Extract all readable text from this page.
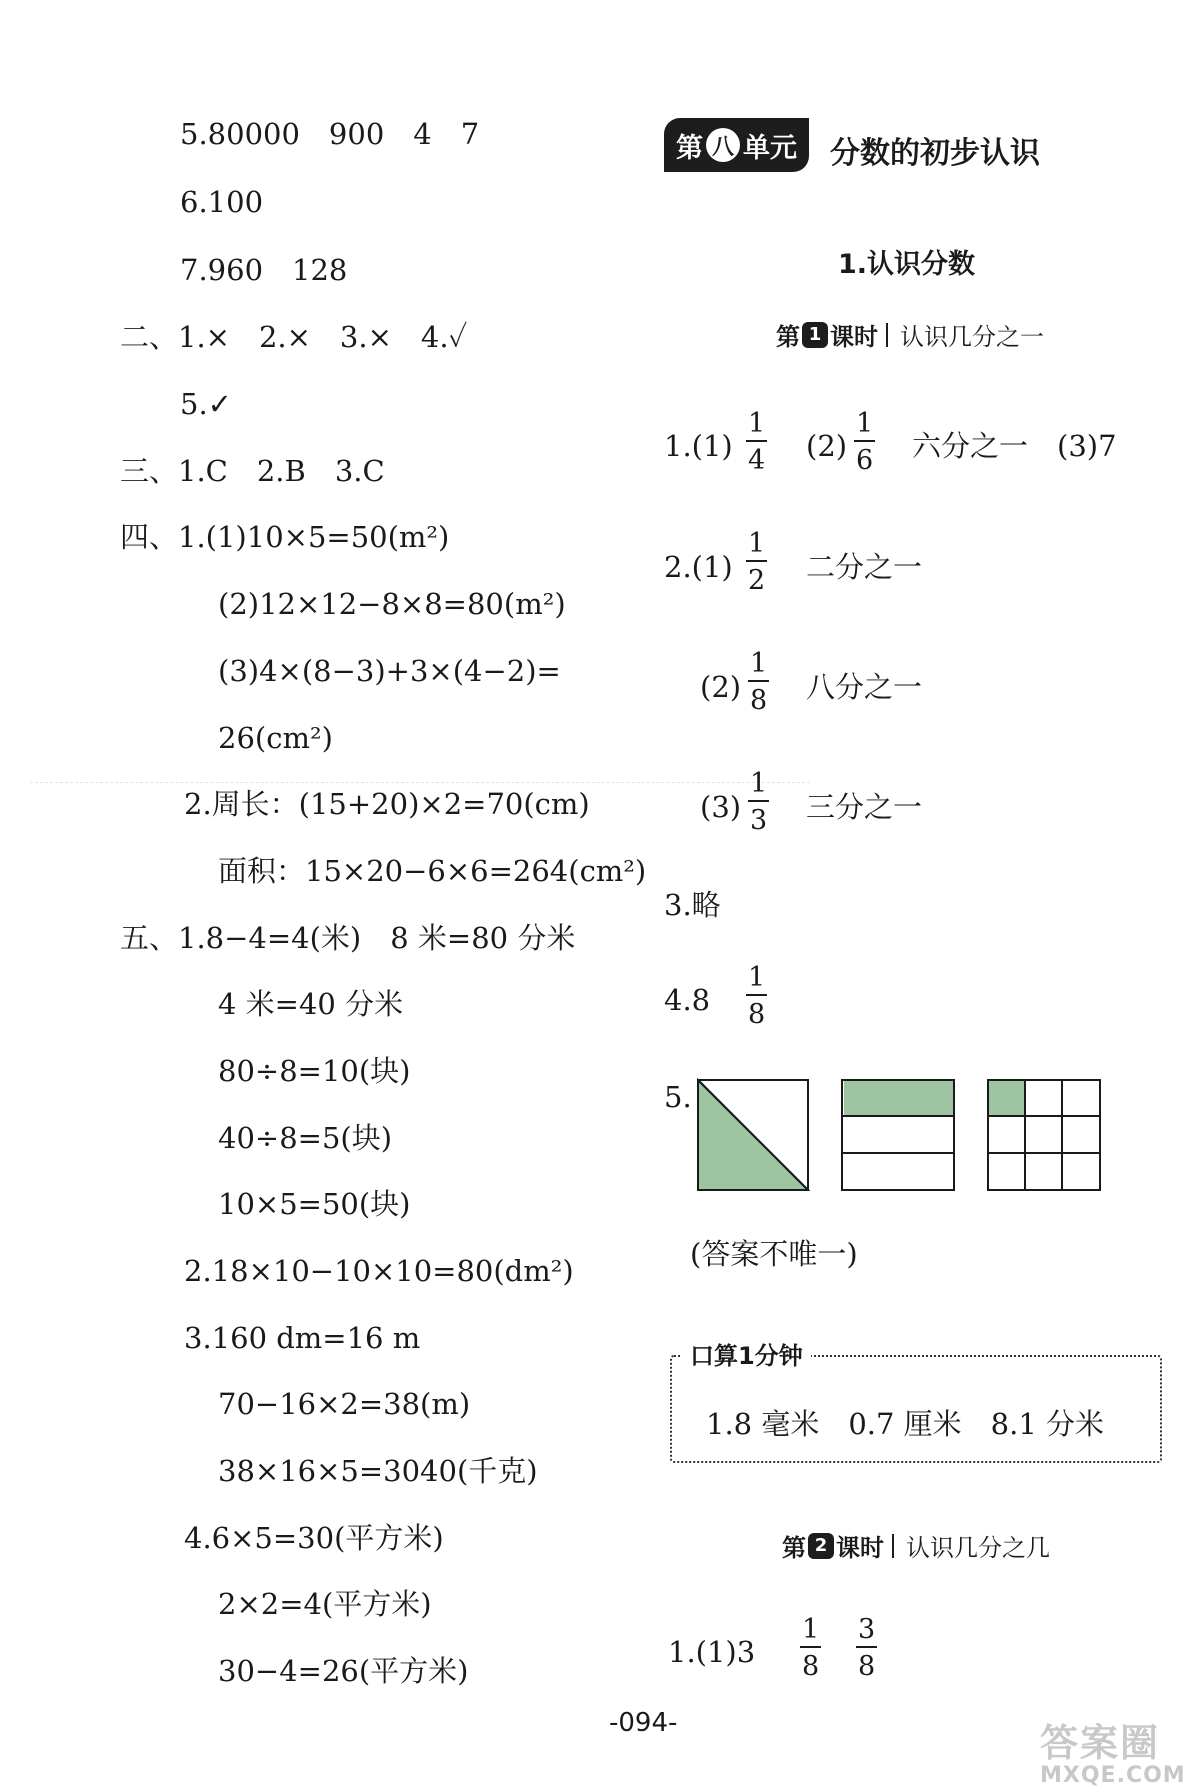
5.80000　900　4　7
6.100
7.960　128
二、1.×　2.×　3.×　4.✓
5.✓
三、1.C　2.B　3.C
四、1.(1)10×5=50(m²)
(2)12×12−8×8=80(m²)
(3)4×(8−3)+3×(4−2)=
26(cm²)
2.周长：(15+20)×2=70(cm)
面积：15×20−6×6=264(cm²)
五、1.8−4=4(米)　8 米=80 分米
4 米=40 分米
80÷8=10(块)
40÷8=5(块)
10×5=50(块)
2.18×10−10×10=80(dm²)
3.160 dm=16 m
70−16×2=38(m)
38×16×5=3040(千克)
4.6×5=30(平方米)
2×2=4(平方米)
30−4=26(平方米)
第 八 单元 分数的初步认识
1.认识分数
第 1 课时 认识几分之一
$1.(1) \frac{1}{4} (2) \frac{1}{6}$ 六分之一　(3)7
$2.(1) \frac{1}{2}$ 二分之一
$(2) \frac{1}{8}$ 八分之一
$(3) \frac{1}{3}$ 三分之一
3.略
$4.8 \frac{1}{8}$
5.
(答案不唯一)
口算1分钟
1.8 毫米　0.7 厘米　8.1 分米
第 2 课时 认识几分之几
$1.(1)3 \frac{1}{8} \frac{3}{8}$
-094-	答案圈
MXQE.COM
